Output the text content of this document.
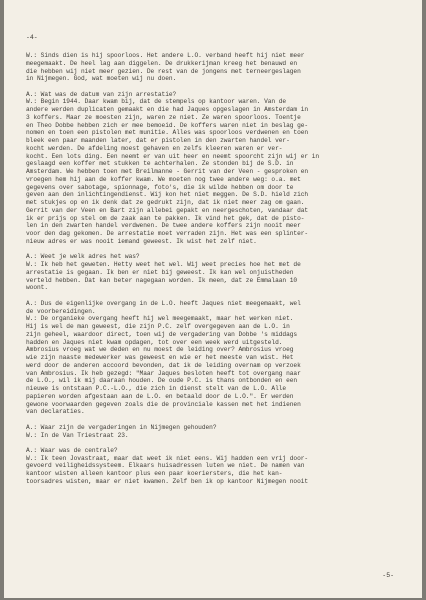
-4-
W.: Sinds dien is hij spoorloos. Het andere L.O. verband heeft hij niet meer
meegemaakt. De heel lag aan diggelen. De drukkerijman kreeg het benauwd en
die hebben wij niet meer gezien. De rest van de jongens met terneergeslagen
in Nijmegen. God, wat moeten wij nu doen.
A.: Wat was de datum van zijn arrestatie?
W.: Begin 1944. Daar kwam bij, dat de stempels op kantoor waren. Van de
andere werden duplicaten gemaakt en die had Jaques opgeslagen in Amsterdam in
3 koffers. Maar ze moesten zijn, waren ze niet. Ze waren spoorloos. Toentje
en Theo Dobbe hebben zich er mee bemoeid. De koffers waren niet in beslag ge-
nomen en toen een pistolen met munitie. Alles was spoorloos verdwenen en toen
bleek een paar maanden later, dat er pistolen in den zwarten handel ver-
kocht werden. De afdeling moest gehaven en zelfs kleeren waren er ver-
kocht. Een lots ding. Een neemt er van uit heer en neemt spoorcht zijn wij er in
geslaagd een koffer met stukken te achterhalen. Ze stonden bij de S.D. in
Amsterdam. We hebben toen met Breilmanne - Gerrit van der Veen - gesproken en
vroegen hem hij aan de koffer kwam. We moeten nog twee andere weg: o.a. met
gegevens over sabotage, spionnage, foto's, die ik wilde hebben om door te
geven aan den inlichtingendienst. Wij kon het niet meggen. De S.D. hield zich
met stukjes op en ik denk dat ze gedrukt zijn, dat ik niet meer zag om gaan.
Gerrit van der Veen en Bart zijn allebei gepakt en neergeschoten, vandaar dat
ik er prijs op stel om de zaak aan te pakken. Ik vind het gek, dat de pisto-
len in den zwarten handel verdwenen. De twee andere koffers zijn nooit meer
voor den dag gekomen. De arrestatie moet verraden zijn. Het was een splinter-
nieuw adres er was nooit iemand geweest. Ik wist het zelf niet.
A.: Weet je welk adres het was?
W.: Ik heb het geweten. Hetty weet het wel. Wij weet precies hoe het met de
arrestatie is gegaan. Ik ben er niet bij geweest. Ik kan wel onjuistheden
verteld hebben. Dat kan beter nagegaan worden. Ik meen, dat ze Emmalaan 10
woont.
A.: Dus de eigenlijke overgang in de L.O. heeft Jaques niet meegemaakt, wel
de voorbereidingen.
W.: De organieke overgang heeft hij wel meegemaakt, maar het werken niet.
Hij is wel de man geweest, die zijn P.C. zelf overgegeven aan de L.O. in
zijn geheel, waardoor direct, toen wij de vergadering van Dobbe 's middags
hadden en Jaques niet kwam opdagen, tot over een week werd uitgesteld.
Ambrosius vroeg wat we deden en nu moest de leiding over? Ambrosius vroeg
wie zijn naaste medewerker was geweest en wie er het meeste van wist. Het
werd door de anderen accoord bevonden, dat ik de leiding overnam op verzoek
van Ambrosius. Ik heb gezegd: "Maar Jaques besloten heeft tot overgang naar
de L.O., wil ik mij daaraan houden. De oude P.C. is thans ontbonden en een
nieuwe is ontstaan P.C.-L.O., die zich in dienst stelt van de L.O. Alle
papieren worden afgestaan aan de L.O. en betaald door de L.O.". Er werden
gewone voorwaarden gegeven zoals die de provinciale kassen met het indienen
van declaraties.
A.: Waar zijn de vergaderingen in Nijmegen gehouden?
W.: In de Van Triestraat 23.
A.: Waar was de centrale?
W.: Ik teen Jovastraat, maar dat weet ik niet eens. Wij hadden een vrij door-
gevoerd veiligheidssysteem. Elkaars huisadressen luten we niet. De namen van
kantoor wisten alleen kantoor plus een paar koeriersters, die het kan-
toorsadres wisten, maar er niet kwamen. Zelf ben ik op kantoor Nijmegen nooit
-5-
